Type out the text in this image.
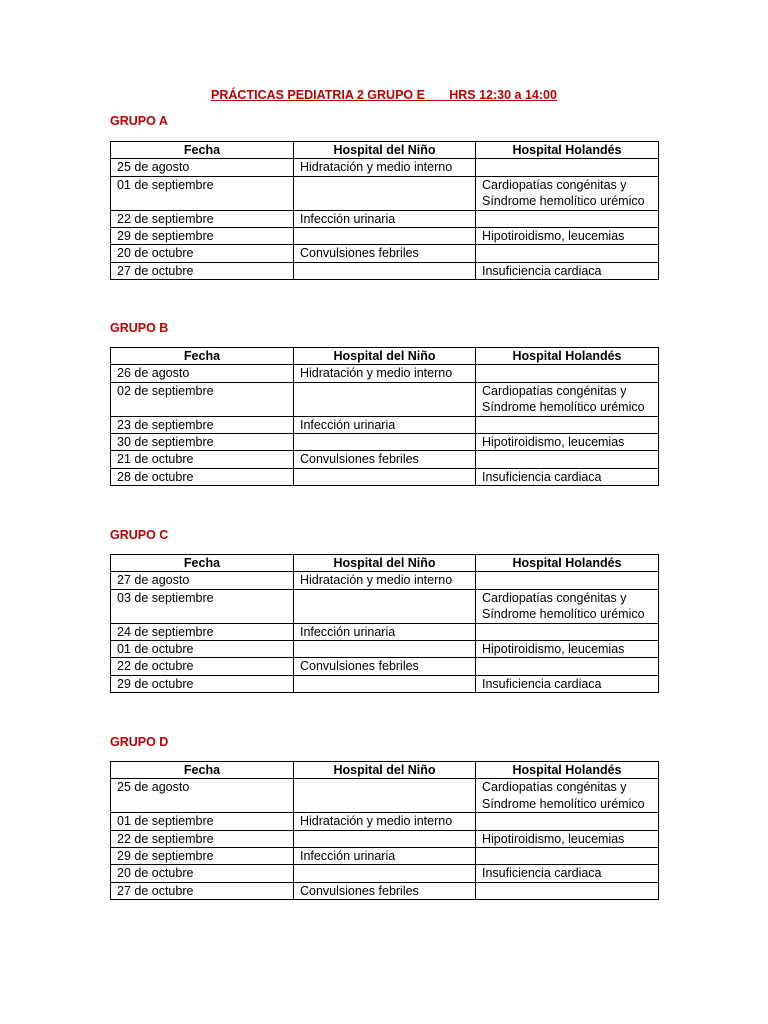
PRÁCTICAS PEDIATRIA 2 GRUPO E       HRS 12:30 a 14:00
GRUPO A
Fecha	Hospital del Niño	Hospital Holandés
25 de agosto	Hidratación y medio interno	
01 de septiembre		Cardiopatías congénitas y Síndrome hemolítico urémico
22 de septiembre	Infección urinaria	
29 de septiembre		Hipotiroidismo, leucemias
20 de octubre	Convulsiones febriles	
27 de octubre		Insuficiencia cardiaca
GRUPO B
Fecha	Hospital del Niño	Hospital Holandés
26 de agosto	Hidratación y medio interno	
02 de septiembre		Cardiopatías congénitas y Síndrome hemolítico urémico
23 de septiembre	Infección urinaria	
30 de septiembre		Hipotiroidismo, leucemias
21 de octubre	Convulsiones febriles	
28 de octubre		Insuficiencia cardiaca
GRUPO C
Fecha	Hospital del Niño	Hospital Holandés
27 de agosto	Hidratación y medio interno	
03 de septiembre		Cardiopatías congénitas y Síndrome hemolítico urémico
24 de septiembre	Infección urinaria	
01 de octubre		Hipotiroidismo, leucemias
22 de octubre	Convulsiones febriles	
29 de octubre		Insuficiencia cardiaca
GRUPO D
Fecha	Hospital del Niño	Hospital Holandés
25 de agosto		Cardiopatías congénitas y Síndrome hemolítico urémico
01 de septiembre	Hidratación y medio interno	
22 de septiembre		Hipotiroidismo, leucemias
29 de septiembre	Infección urinaria	
20 de octubre		Insuficiencia cardiaca
27 de octubre	Convulsiones febriles	
